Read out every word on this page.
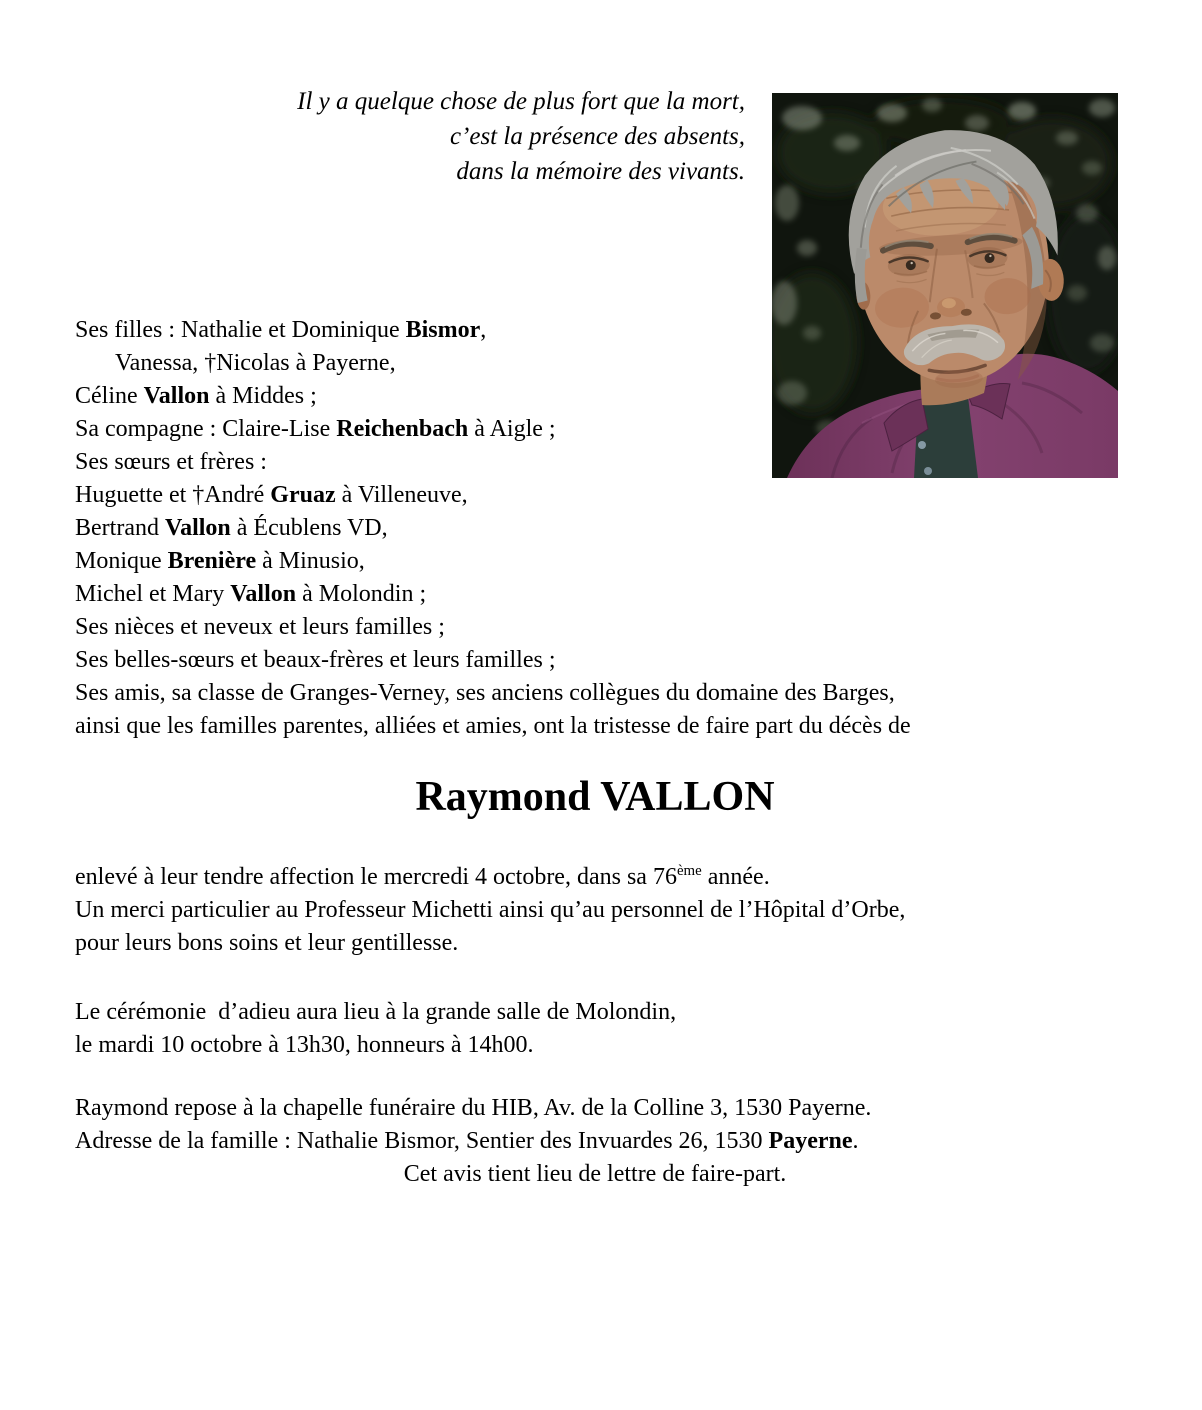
Il y a quelque chose de plus fort que la mort,
c’est la présence des absents,
dans la mémoire des vivants.
Ses filles : Nathalie et Dominique Bismor,
Vanessa, †Nicolas à Payerne,
Céline Vallon à Middes ;
Sa compagne : Claire-Lise Reichenbach à Aigle ;
Ses sœurs et frères :
Huguette et †André Gruaz à Villeneuve,
Bertrand Vallon à Écublens VD,
Monique Brenière à Minusio,
Michel et Mary Vallon à Molondin ;
Ses nièces et neveux et leurs familles ;
Ses belles-sœurs et beaux-frères et leurs familles ;
Ses amis, sa classe de Granges-Verney, ses anciens collègues du domaine des Barges,
ainsi que les familles parentes, alliées et amies, ont la tristesse de faire part du décès de
Raymond VALLON
enlevé à leur tendre affection le mercredi 4 octobre, dans sa 76ème année.
Un merci particulier au Professeur Michetti ainsi qu’au personnel de l’Hôpital d’Orbe,
pour leurs bons soins et leur gentillesse.
Le cérémonie  d’adieu aura lieu à la grande salle de Molondin,
le mardi 10 octobre à 13h30, honneurs à 14h00.
Raymond repose à la chapelle funéraire du HIB, Av. de la Colline 3, 1530 Payerne.
Adresse de la famille : Nathalie Bismor, Sentier des Invuardes 26, 1530 Payerne.
Cet avis tient lieu de lettre de faire-part.
